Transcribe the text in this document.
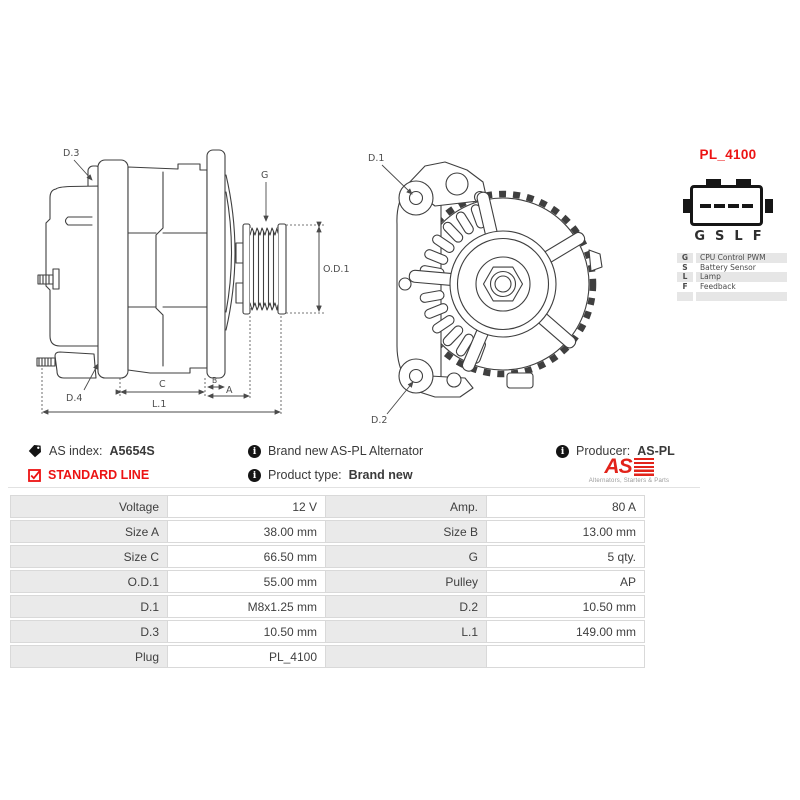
O.D.1
C	B
A
L.1
D.3
G
D.4
D.1
D.2
PL_4100
G S L F
G	CPU Control PWM
S	Battery Sensor
L	Lamp
F	Feedback
AS index: A5654S
STANDARD LINE
i Brand new AS-PL Alternator
i Product type: Brand new
i Producer: AS-PL
AS
Alternators, Starters & Parts
Voltage	12 V	Amp.	80 A
Size A	38.00 mm	Size B	13.00 mm
Size C	66.50 mm	G	5 qty.
O.D.1	55.00 mm	Pulley	AP
D.1	M8x1.25 mm	D.2	10.50 mm
D.3	10.50 mm	L.1	149.00 mm
Plug	PL_4100
